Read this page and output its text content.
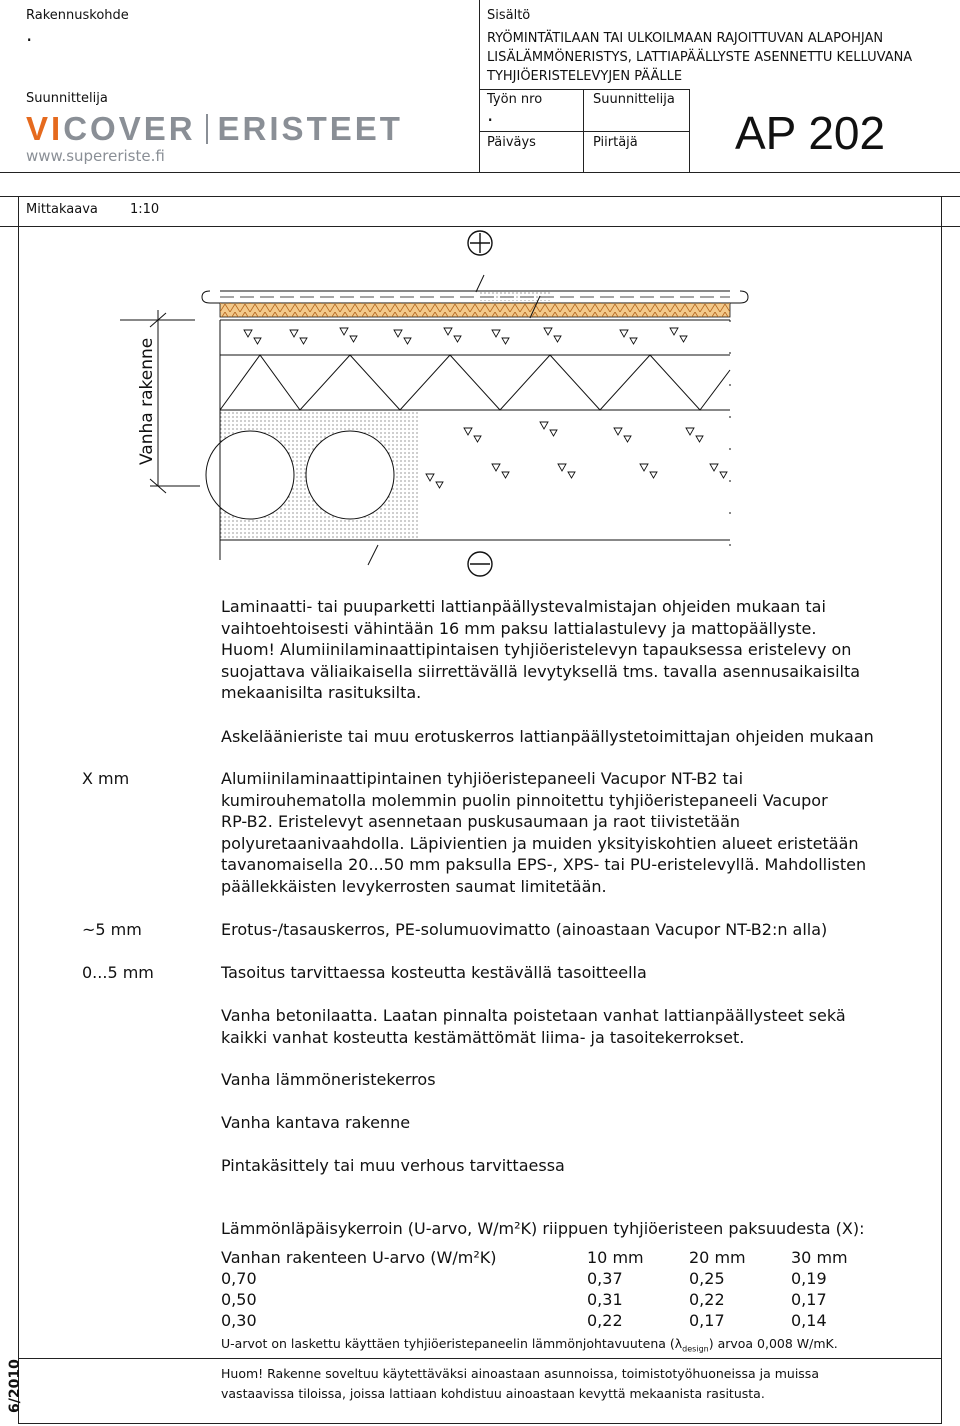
Rakennuskohde
.
Suunnittelija
VICOVER ERISTEET
www.supereriste.fi
Sisältö
RYÖMINTÄTILAAN TAI ULKOILMAAN RAJOITTUVAN ALAPOHJAN
LISÄLÄMMÖNERISTYS, LATTIAPÄÄLLYSTE ASENNETTU KELLUVANA
TYHJIÖERISTELEVYJEN PÄÄLLE
Työn nro
.
Suunnittelija
Päiväys	Piirtäjä AP 202
Mittakaava 1:10
Vanha rakenne

Laminaatti- tai puuparketti lattianpäällystevalmistajan ohjeiden mukaan tai

vaihtoehtoisesti vähintään 16 mm paksu lattialastulevy ja mattopäällyste.

Huom! Alumiinilaminaattipintaisen tyhjiöeristelevyn tapauksessa eristelevy on

suojattava väliaikaisella siirrettävällä levytyksellä tms. tavalla asennusaikaisilta

mekaanisilta rasituksilta.

Askeläänieriste tai muu erotuskerros lattianpäällystetoimittajan ohjeiden mukaan
X mm	Alumiinilaminaattipintainen tyhjiöeristepaneeli Vacupor NT-B2 tai

kumirouhematolla molemmin puolin pinnoitettu tyhjiöeristepaneeli Vacupor

RP-B2. Eristelevyt asennetaan puskusaumaan ja raot tiivistetään

polyuretaanivaahdolla. Läpivientien ja muiden yksityiskohtien alueet eristetään

tavanomaisella 20...50 mm paksulla EPS-, XPS- tai PU-eristelevyllä. Mahdollisten

päällekkäisten levykerrosten saumat limitetään.

~5 mm	Erotus-/tasauskerros, PE-solumuovimatto (ainoastaan Vacupor NT-B2:n alla)
0...5 mm	Tasoitus tarvittaessa kosteutta kestävällä tasoitteella

Vanha betonilaatta. Laatan pinnalta poistetaan vanhat lattianpäällysteet sekä

kaikki vanhat kosteutta kestämättömät liima- ja tasoitekerrokset.

Vanha lämmöneristekerros
Vanha kantava rakenne
Pintakäsittely tai muu verhous tarvittaessa
Lämmönläpäisykerroin (U-arvo, W/m²K) riippuen tyhjiöeristeen paksuudesta (X):
Vanhan rakenteen U-arvo (W/m²K)	10 mm	20 mm	30 mm
0,70	0,37	0,25	0,19
0,50	0,31	0,22	0,17
0,30	0,22	0,17	0,14
U-arvot on laskettu käyttäen tyhjiöeristepaneelin lämmönjohtavuutena $(\lambda_{design})$ arvoa 0,008 W/mK.
Huom! Rakenne soveltuu käytettäväksi ainoastaan asunnoissa, toimistotyöhuoneissa ja muissa
vastaavissa tiloissa, joissa lattiaan kohdistuu ainoastaan kevyttä mekaanista rasitusta.
6/2010
